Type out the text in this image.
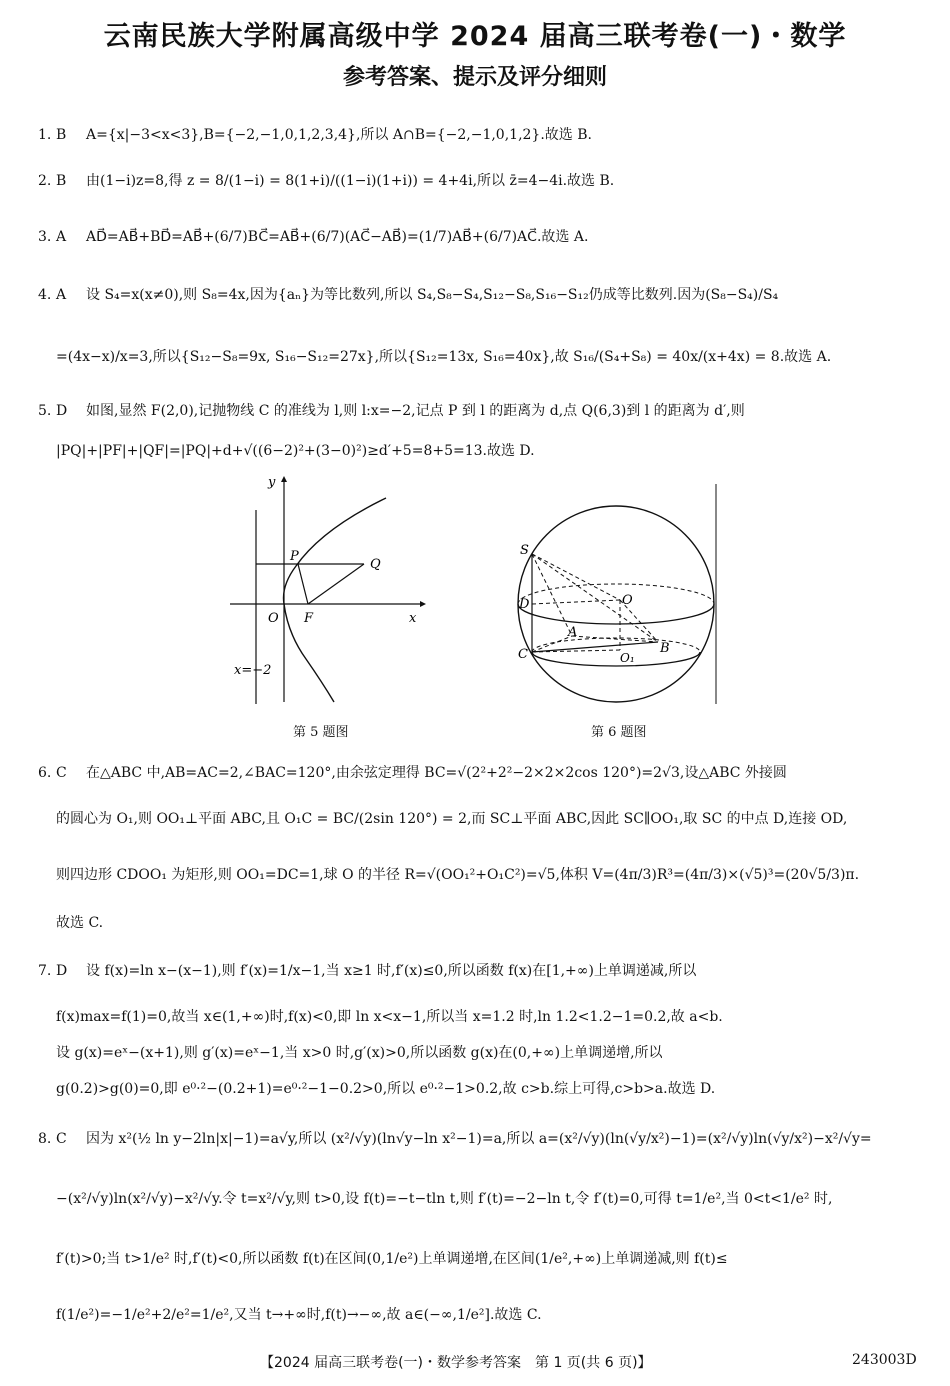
云南民族大学附属高级中学 2024 届高三联考卷(一)・数学
参考答案、提示及评分细则
1. B A={x|−3<x<3},B={−2,−1,0,1,2,3,4},所以 A∩B={−2,−1,0,1,2}.故选 B.
2. B 由(1−i)z=8,得 z = 8/(1−i) = 8(1+i)/((1−i)(1+i)) = 4+4i,所以 z̄=4−4i.故选 B.
3. A AD⃗=AB⃗+BD⃗=AB⃗+(6/7)BC⃗=AB⃗+(6/7)(AC⃗−AB⃗)=(1/7)AB⃗+(6/7)AC⃗.故选 A.
4. A 设 S₄=x(x≠0),则 S₈=4x,因为{aₙ}为等比数列,所以 S₄,S₈−S₄,S₁₂−S₈,S₁₆−S₁₂仍成等比数列.因为(S₈−S₄)/S₄
=(4x−x)/x=3,所以{S₁₂−S₈=9x, S₁₆−S₁₂=27x},所以{S₁₂=13x, S₁₆=40x},故 S₁₆/(S₄+S₈) = 40x/(x+4x) = 8.故选 A.
5. D 如图,显然 F(2,0),记抛物线 C 的准线为 l,则 l:x=−2,记点 P 到 l 的距离为 d,点 Q(6,3)到 l 的距离为 d′,则
|PQ|+|PF|+|QF|=|PQ|+d+√((6−2)²+(3−0)²)≥d′+5=8+5=13.故选 D.
y
x
O
P
Q
F
x=−2
第 5 题图
S
O
D
A
C	B
O₁
第 6 题图
6. C 在△ABC 中,AB=AC=2,∠BAC=120°,由余弦定理得 BC=√(2²+2²−2×2×2cos 120°)=2√3,设△ABC 外接圆
的圆心为 O₁,则 OO₁⊥平面 ABC,且 O₁C = BC/(2sin 120°) = 2,而 SC⊥平面 ABC,因此 SC∥OO₁,取 SC 的中点 D,连接 OD,
则四边形 CDOO₁ 为矩形,则 OO₁=DC=1,球 O 的半径 R=√(OO₁²+O₁C²)=√5,体积 V=(4π/3)R³=(4π/3)×(√5)³=(20√5/3)π.
故选 C.
7. D 设 f(x)=ln x−(x−1),则 f′(x)=1/x−1,当 x≥1 时,f′(x)≤0,所以函数 f(x)在[1,+∞)上单调递减,所以
f(x)max=f(1)=0,故当 x∈(1,+∞)时,f(x)<0,即 ln x<x−1,所以当 x=1.2 时,ln 1.2<1.2−1=0.2,故 a<b.
设 g(x)=eˣ−(x+1),则 g′(x)=eˣ−1,当 x>0 时,g′(x)>0,所以函数 g(x)在(0,+∞)上单调递增,所以
g(0.2)>g(0)=0,即 e⁰·²−(0.2+1)=e⁰·²−1−0.2>0,所以 e⁰·²−1>0.2,故 c>b.综上可得,c>b>a.故选 D.
8. C 因为 x²(½ ln y−2ln|x|−1)=a√y,所以 (x²/√y)(ln√y−ln x²−1)=a,所以 a=(x²/√y)(ln(√y/x²)−1)=(x²/√y)ln(√y/x²)−x²/√y=
−(x²/√y)ln(x²/√y)−x²/√y.令 t=x²/√y,则 t>0,设 f(t)=−t−tln t,则 f′(t)=−2−ln t,令 f′(t)=0,可得 t=1/e²,当 0<t<1/e² 时,
f′(t)>0;当 t>1/e² 时,f′(t)<0,所以函数 f(t)在区间(0,1/e²)上单调递增,在区间(1/e²,+∞)上单调递减,则 f(t)≤
f(1/e²)=−1/e²+2/e²=1/e²,又当 t→+∞时,f(t)→−∞,故 a∈(−∞,1/e²].故选 C.
【2024 届高三联考卷(一)・数学参考答案　第 1 页(共 6 页)】	243003D
